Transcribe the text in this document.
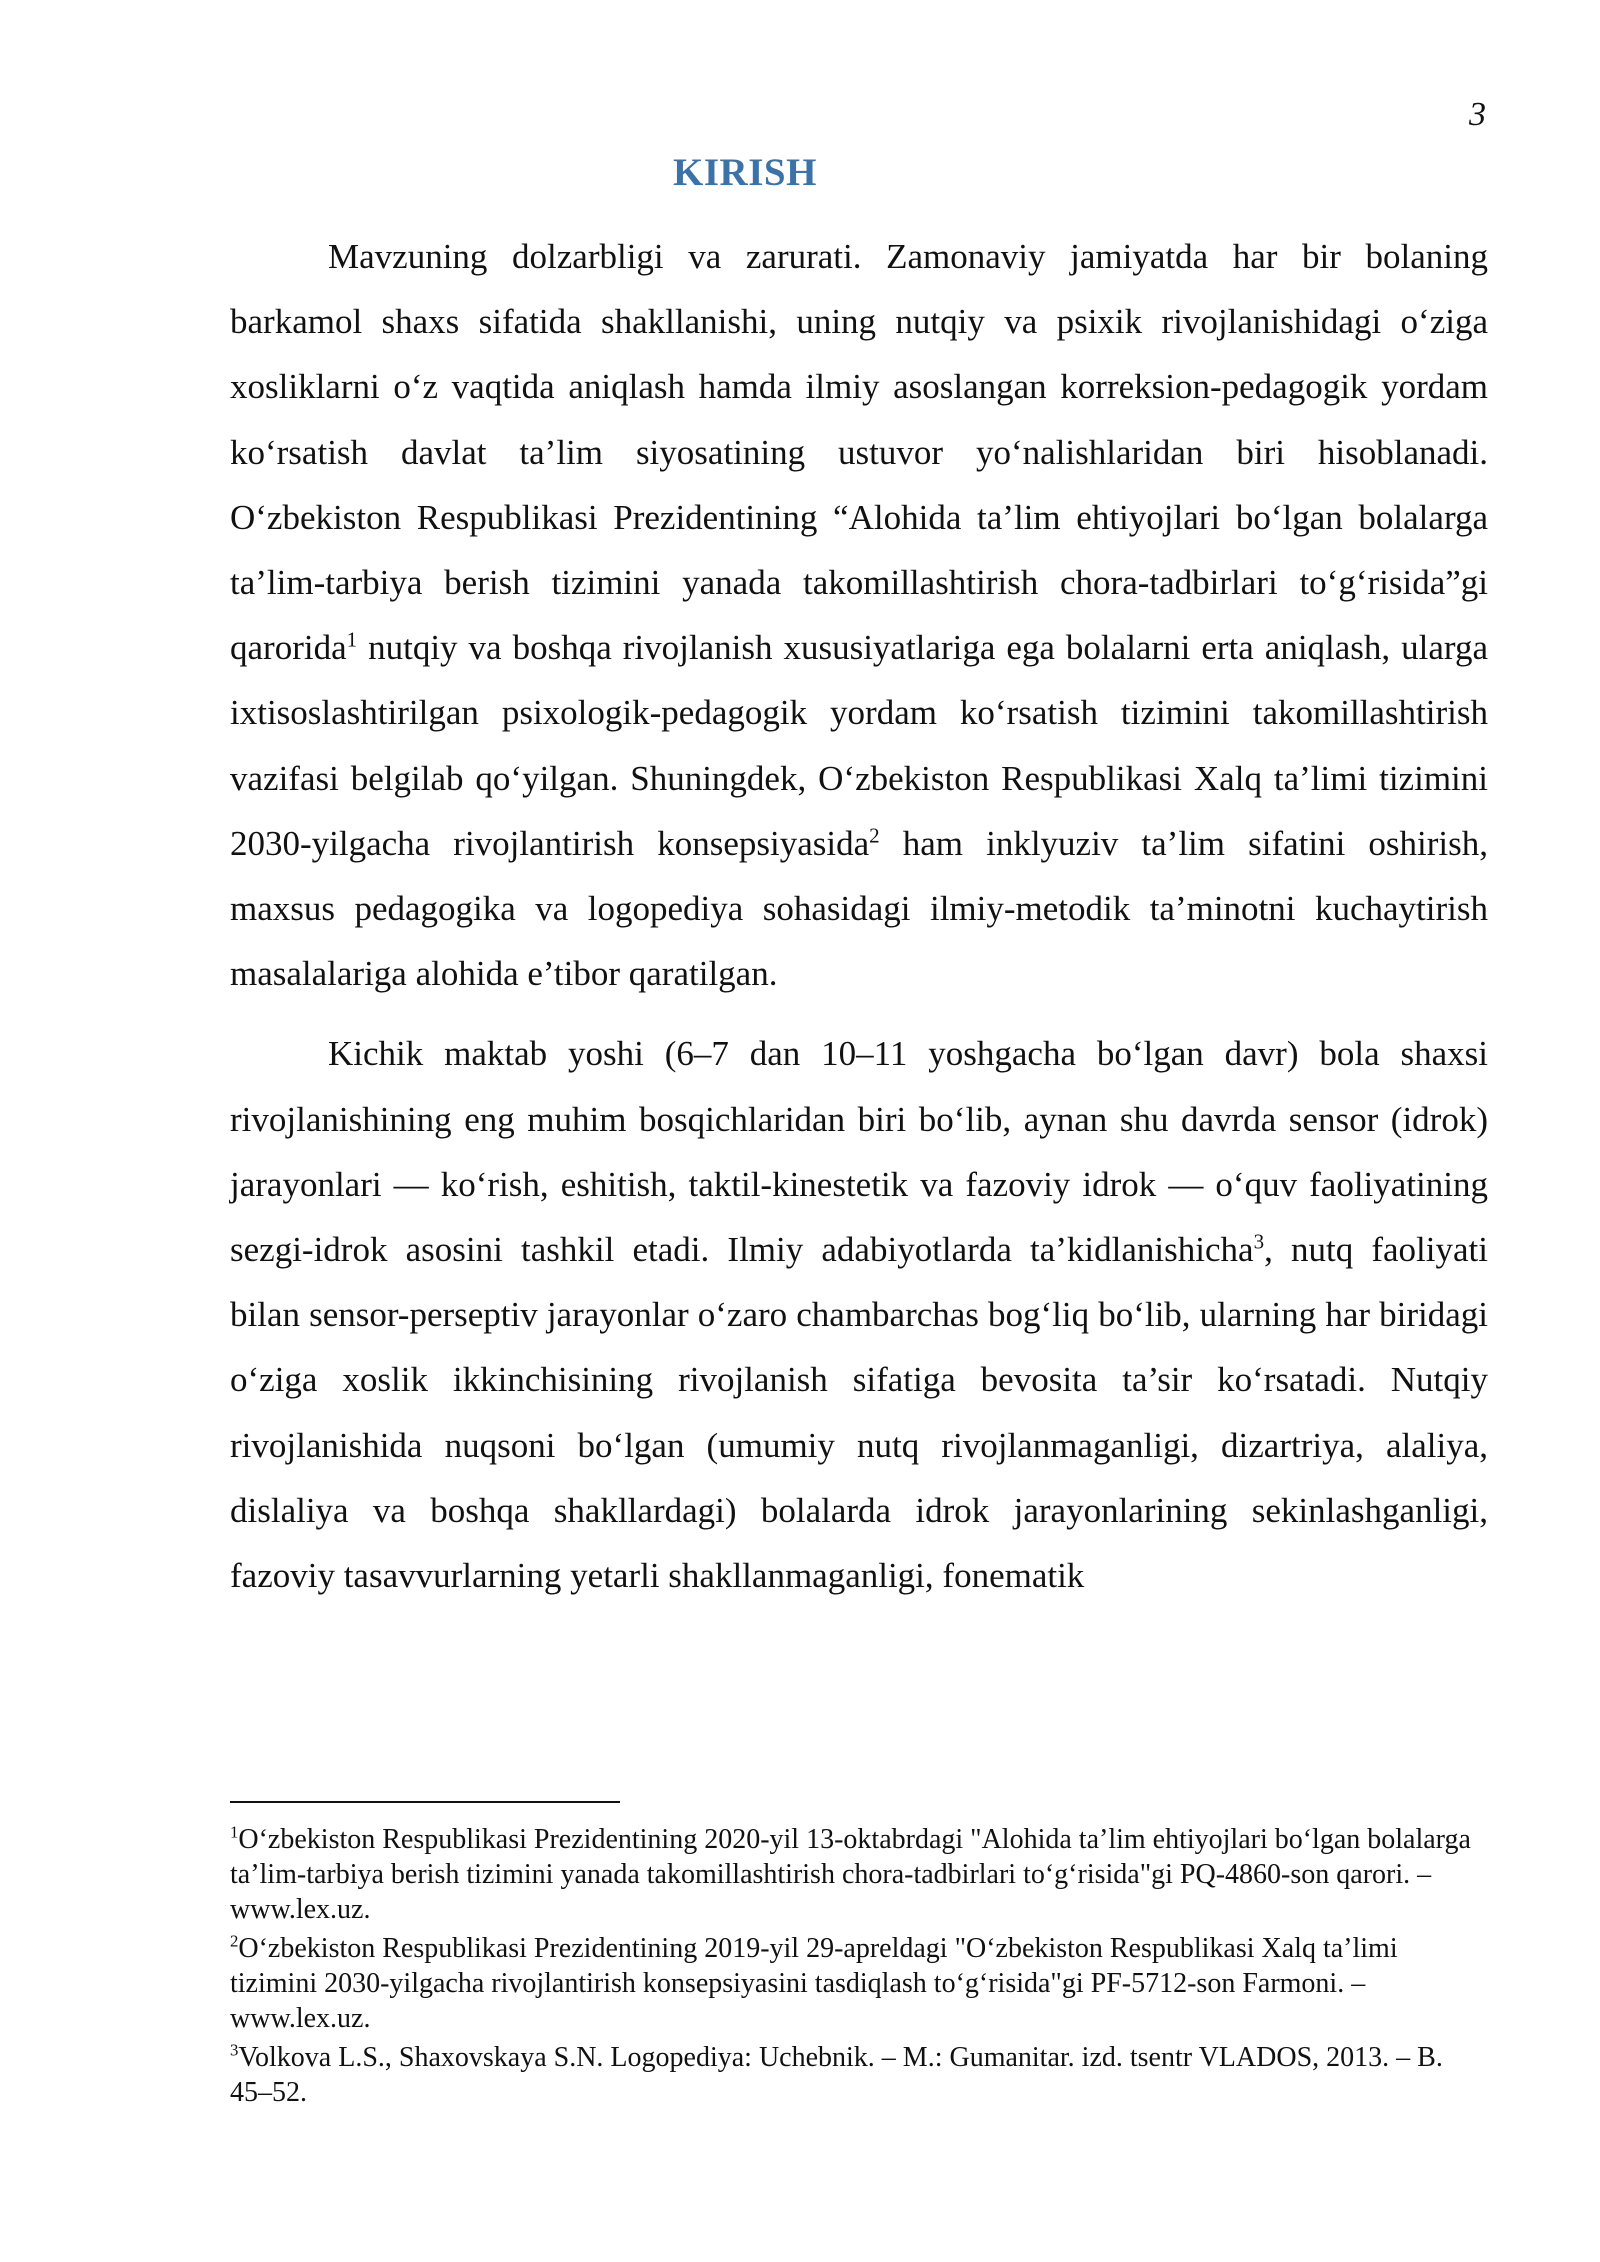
3
KIRISH

Mavzuning dolzarbligi va zarurati. Zamonaviy jamiyatda har bir bolaning barkamol shaxs sifatida shakllanishi, uning nutqiy va psixik rivojlanishidagi o‘ziga xosliklarni o‘z vaqtida aniqlash hamda ilmiy asoslangan korreksion-pedagogik yordam ko‘rsatish davlat ta’lim siyosatining ustuvor yo‘nalishlaridan biri hisoblanadi. O‘zbekiston Respublikasi Prezidentining “Alohida ta’lim ehtiyojlari bo‘lgan bolalarga ta’lim-tarbiya berish tizimini yanada takomillashtirish chora-tadbirlari to‘g‘risida”gi qarorida$^1$ nutqiy va boshqa rivojlanish xususiyatlariga ega bolalarni erta aniqlash, ularga ixtisoslashtirilgan psixologik-pedagogik yordam ko‘rsatish tizimini takomillashtirish vazifasi belgilab qo‘yilgan. Shuningdek, O‘zbekiston Respublikasi Xalq ta’limi tizimini 2030-yilgacha rivojlantirish konsepsiyasida$^2$ ham inklyuziv ta’lim sifatini oshirish, maxsus pedagogika va logopediya sohasidagi ilmiy-metodik ta’minotni kuchaytirish masalalariga alohida e’tibor qaratilgan.

Kichik maktab yoshi (6–7 dan 10–11 yoshgacha bo‘lgan davr) bola shaxsi rivojlanishining eng muhim bosqichlaridan biri bo‘lib, aynan shu davrda sensor (idrok) jarayonlari — ko‘rish, eshitish, taktil-kinestetik va fazoviy idrok — o‘quv faoliyatining sezgi-idrok asosini tashkil etadi. Ilmiy adabiyotlarda ta’kidlanishicha$^3$, nutq faoliyati bilan sensor-perseptiv jarayonlar o‘zaro chambarchas bog‘liq bo‘lib, ularning har biridagi o‘ziga xoslik ikkinchisining rivojlanish sifatiga bevosita ta’sir ko‘rsatadi. Nutqiy rivojlanishida nuqsoni bo‘lgan (umumiy nutq rivojlanmaganligi, dizartriya, alaliya, dislaliya va boshqa shakllardagi) bolalarda idrok jarayonlarining sekinlashganligi, fazoviy tasavvurlarning yetarli shakllanmaganligi, fonematik

$^1$O‘zbekiston Respublikasi Prezidentining 2020-yil 13-oktabrdagi "Alohida ta’lim ehtiyojlari bo‘lgan bolalarga ta’lim-tarbiya berish tizimini yanada takomillashtirish chora-tadbirlari to‘g‘risida"gi PQ-4860-son qarori. – www.lex.uz.

$^2$O‘zbekiston Respublikasi Prezidentining 2019-yil 29-apreldagi "O‘zbekiston Respublikasi Xalq ta’limi tizimini 2030-yilgacha rivojlantirish konsepsiyasini tasdiqlash to‘g‘risida"gi PF-5712-son Farmoni. – www.lex.uz.

$^3$Volkova L.S., Shaxovskaya S.N. Logopediya: Uchebnik. – M.: Gumanitar. izd. tsentr VLADOS, 2013. – B. 45–52.
